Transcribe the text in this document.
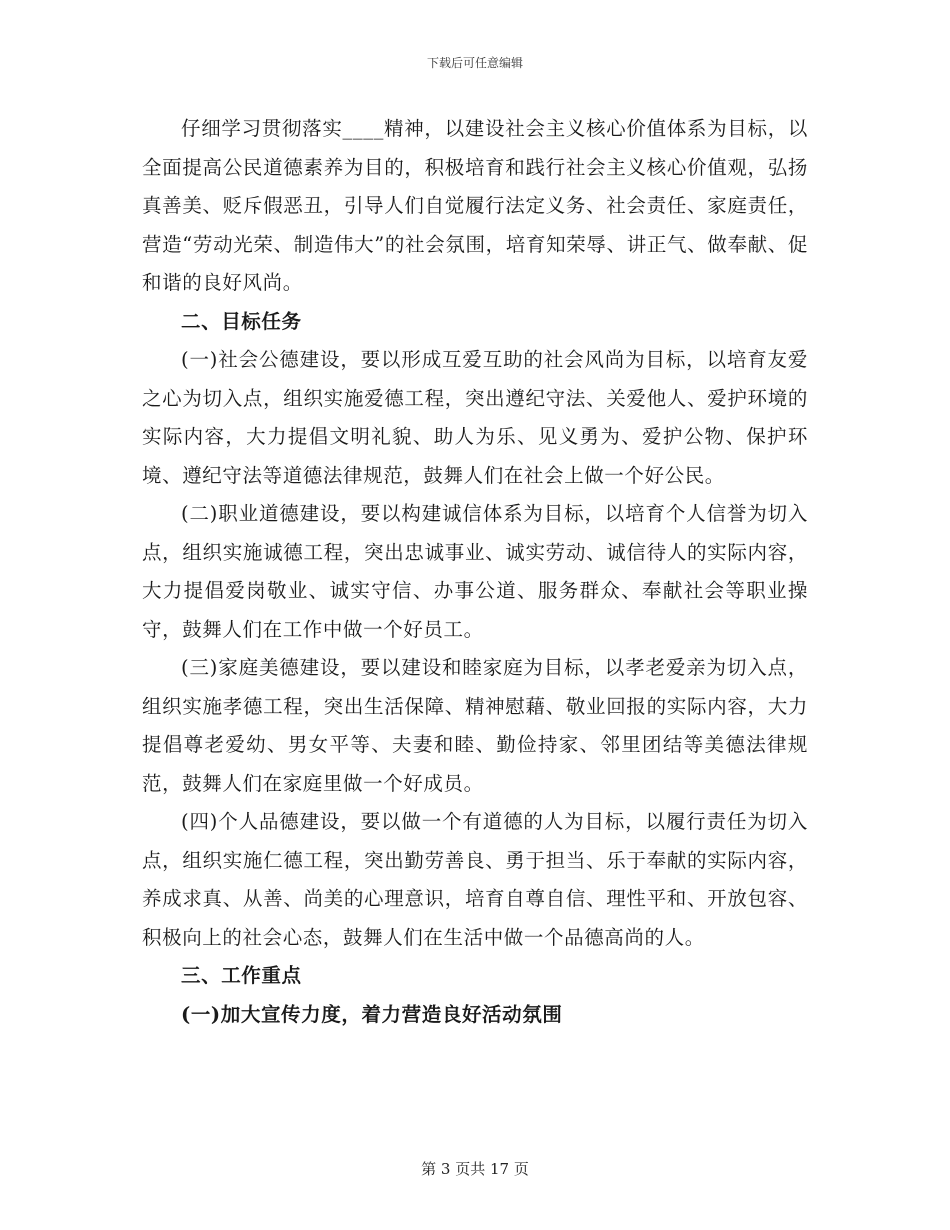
下载后可任意编辑

仔细学习贯彻落实____精神，以建设社会主义核心价值体系为目标，以全面提高公民道德素养为目的，积极培育和践行社会主义核心价值观，弘扬真善美、贬斥假恶丑，引导人们自觉履行法定义务、社会责任、家庭责任，营造“劳动光荣、制造伟大”的社会氛围，培育知荣辱、讲正气、做奉献、促和谐的良好风尚。

二、目标任务

(一)社会公德建设，要以形成互爱互助的社会风尚为目标，以培育友爱之心为切入点，组织实施爱德工程，突出遵纪守法、关爱他人、爱护环境的实际内容，大力提倡文明礼貌、助人为乐、见义勇为、爱护公物、保护环境、遵纪守法等道德法律规范，鼓舞人们在社会上做一个好公民。

(二)职业道德建设，要以构建诚信体系为目标，以培育个人信誉为切入点，组织实施诚德工程，突出忠诚事业、诚实劳动、诚信待人的实际内容，大力提倡爱岗敬业、诚实守信、办事公道、服务群众、奉献社会等职业操守，鼓舞人们在工作中做一个好员工。

(三)家庭美德建设，要以建设和睦家庭为目标，以孝老爱亲为切入点，组织实施孝德工程，突出生活保障、精神慰藉、敬业回报的实际内容，大力提倡尊老爱幼、男女平等、夫妻和睦、勤俭持家、邻里团结等美德法律规范，鼓舞人们在家庭里做一个好成员。

(四)个人品德建设，要以做一个有道德的人为目标，以履行责任为切入点，组织实施仁德工程，突出勤劳善良、勇于担当、乐于奉献的实际内容，养成求真、从善、尚美的心理意识，培育自尊自信、理性平和、开放包容、积极向上的社会心态，鼓舞人们在生活中做一个品德高尚的人。

三、工作重点

(一)加大宣传力度，着力营造良好活动氛围

第 3 页共 17 页
